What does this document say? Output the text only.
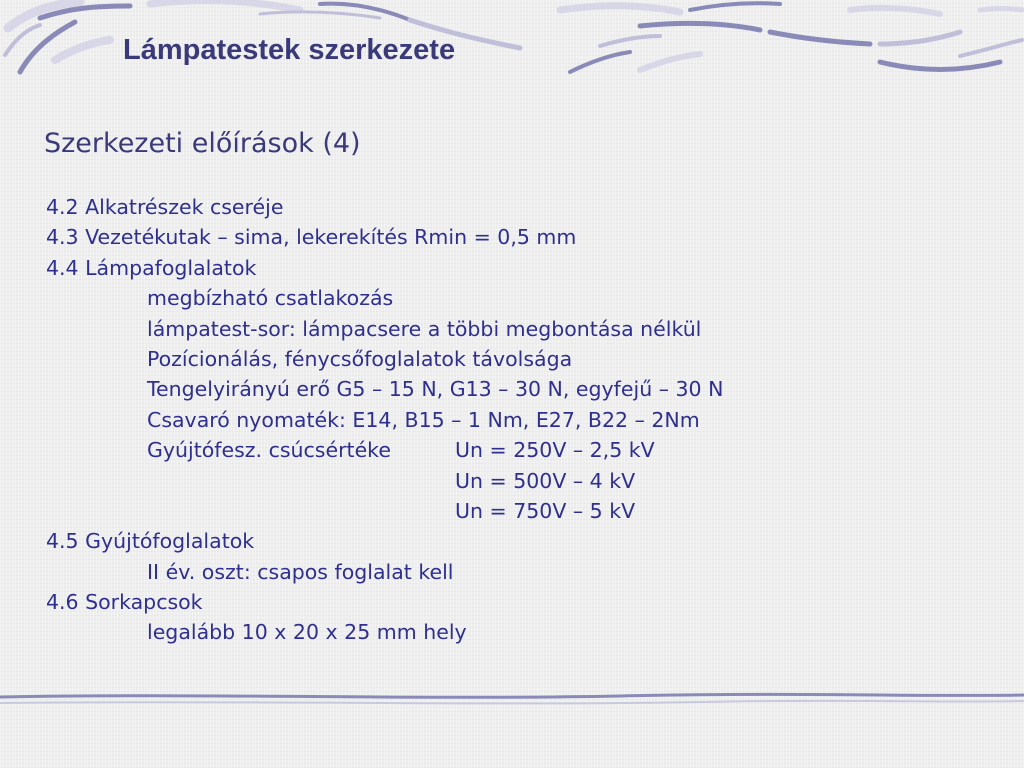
Lámpatestek szerkezete
Szerkezeti előírások (4)
4.2 Alkatrészek cseréje
4.3 Vezetékutak – sima, lekerekítés Rmin = 0,5 mm
4.4 Lámpafoglalatok
megbízható csatlakozás
lámpatest-sor: lámpacsere a többi megbontása nélkül
Pozícionálás, fénycsőfoglalatok távolsága
Tengelyirányú erő G5 – 15 N, G13 – 30 N, egyfejű – 30 N
Csavaró nyomaték: E14, B15 – 1 Nm, E27, B22 – 2Nm
Gyújtófesz. csúcsértéke	Un = 250V – 2,5 kV
Un = 500V – 4 kV
Un = 750V – 5 kV
4.5 Gyújtófoglalatok
II év. oszt: csapos foglalat kell
4.6 Sorkapcsok
legalább 10 x 20 x 25 mm hely
